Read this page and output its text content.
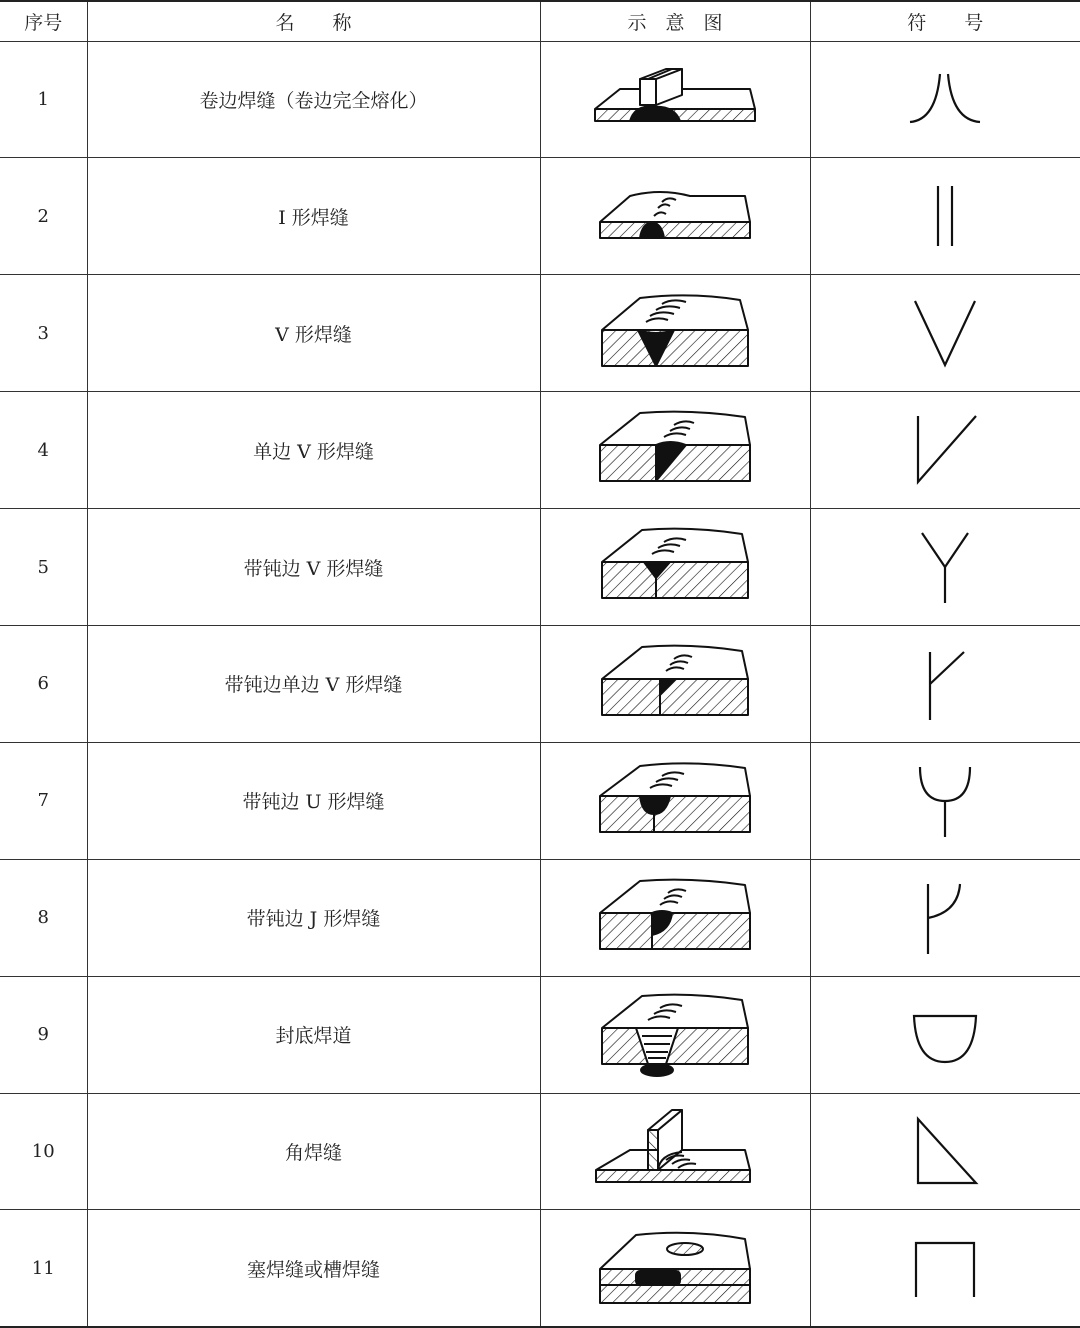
序号	名　　称	示　意　图	符　　号
1	卷边焊缝（卷边完全熔化）	

2	I 形焊缝	

3	V 形焊缝	

4	单边 V 形焊缝	

5	带钝边 V 形焊缝	

6	带钝边单边 V 形焊缝	

7	带钝边 U 形焊缝	

8	带钝边 J 形焊缝	

9	封底焊道	

10	角焊缝	

11	塞焊缝或槽焊缝	
